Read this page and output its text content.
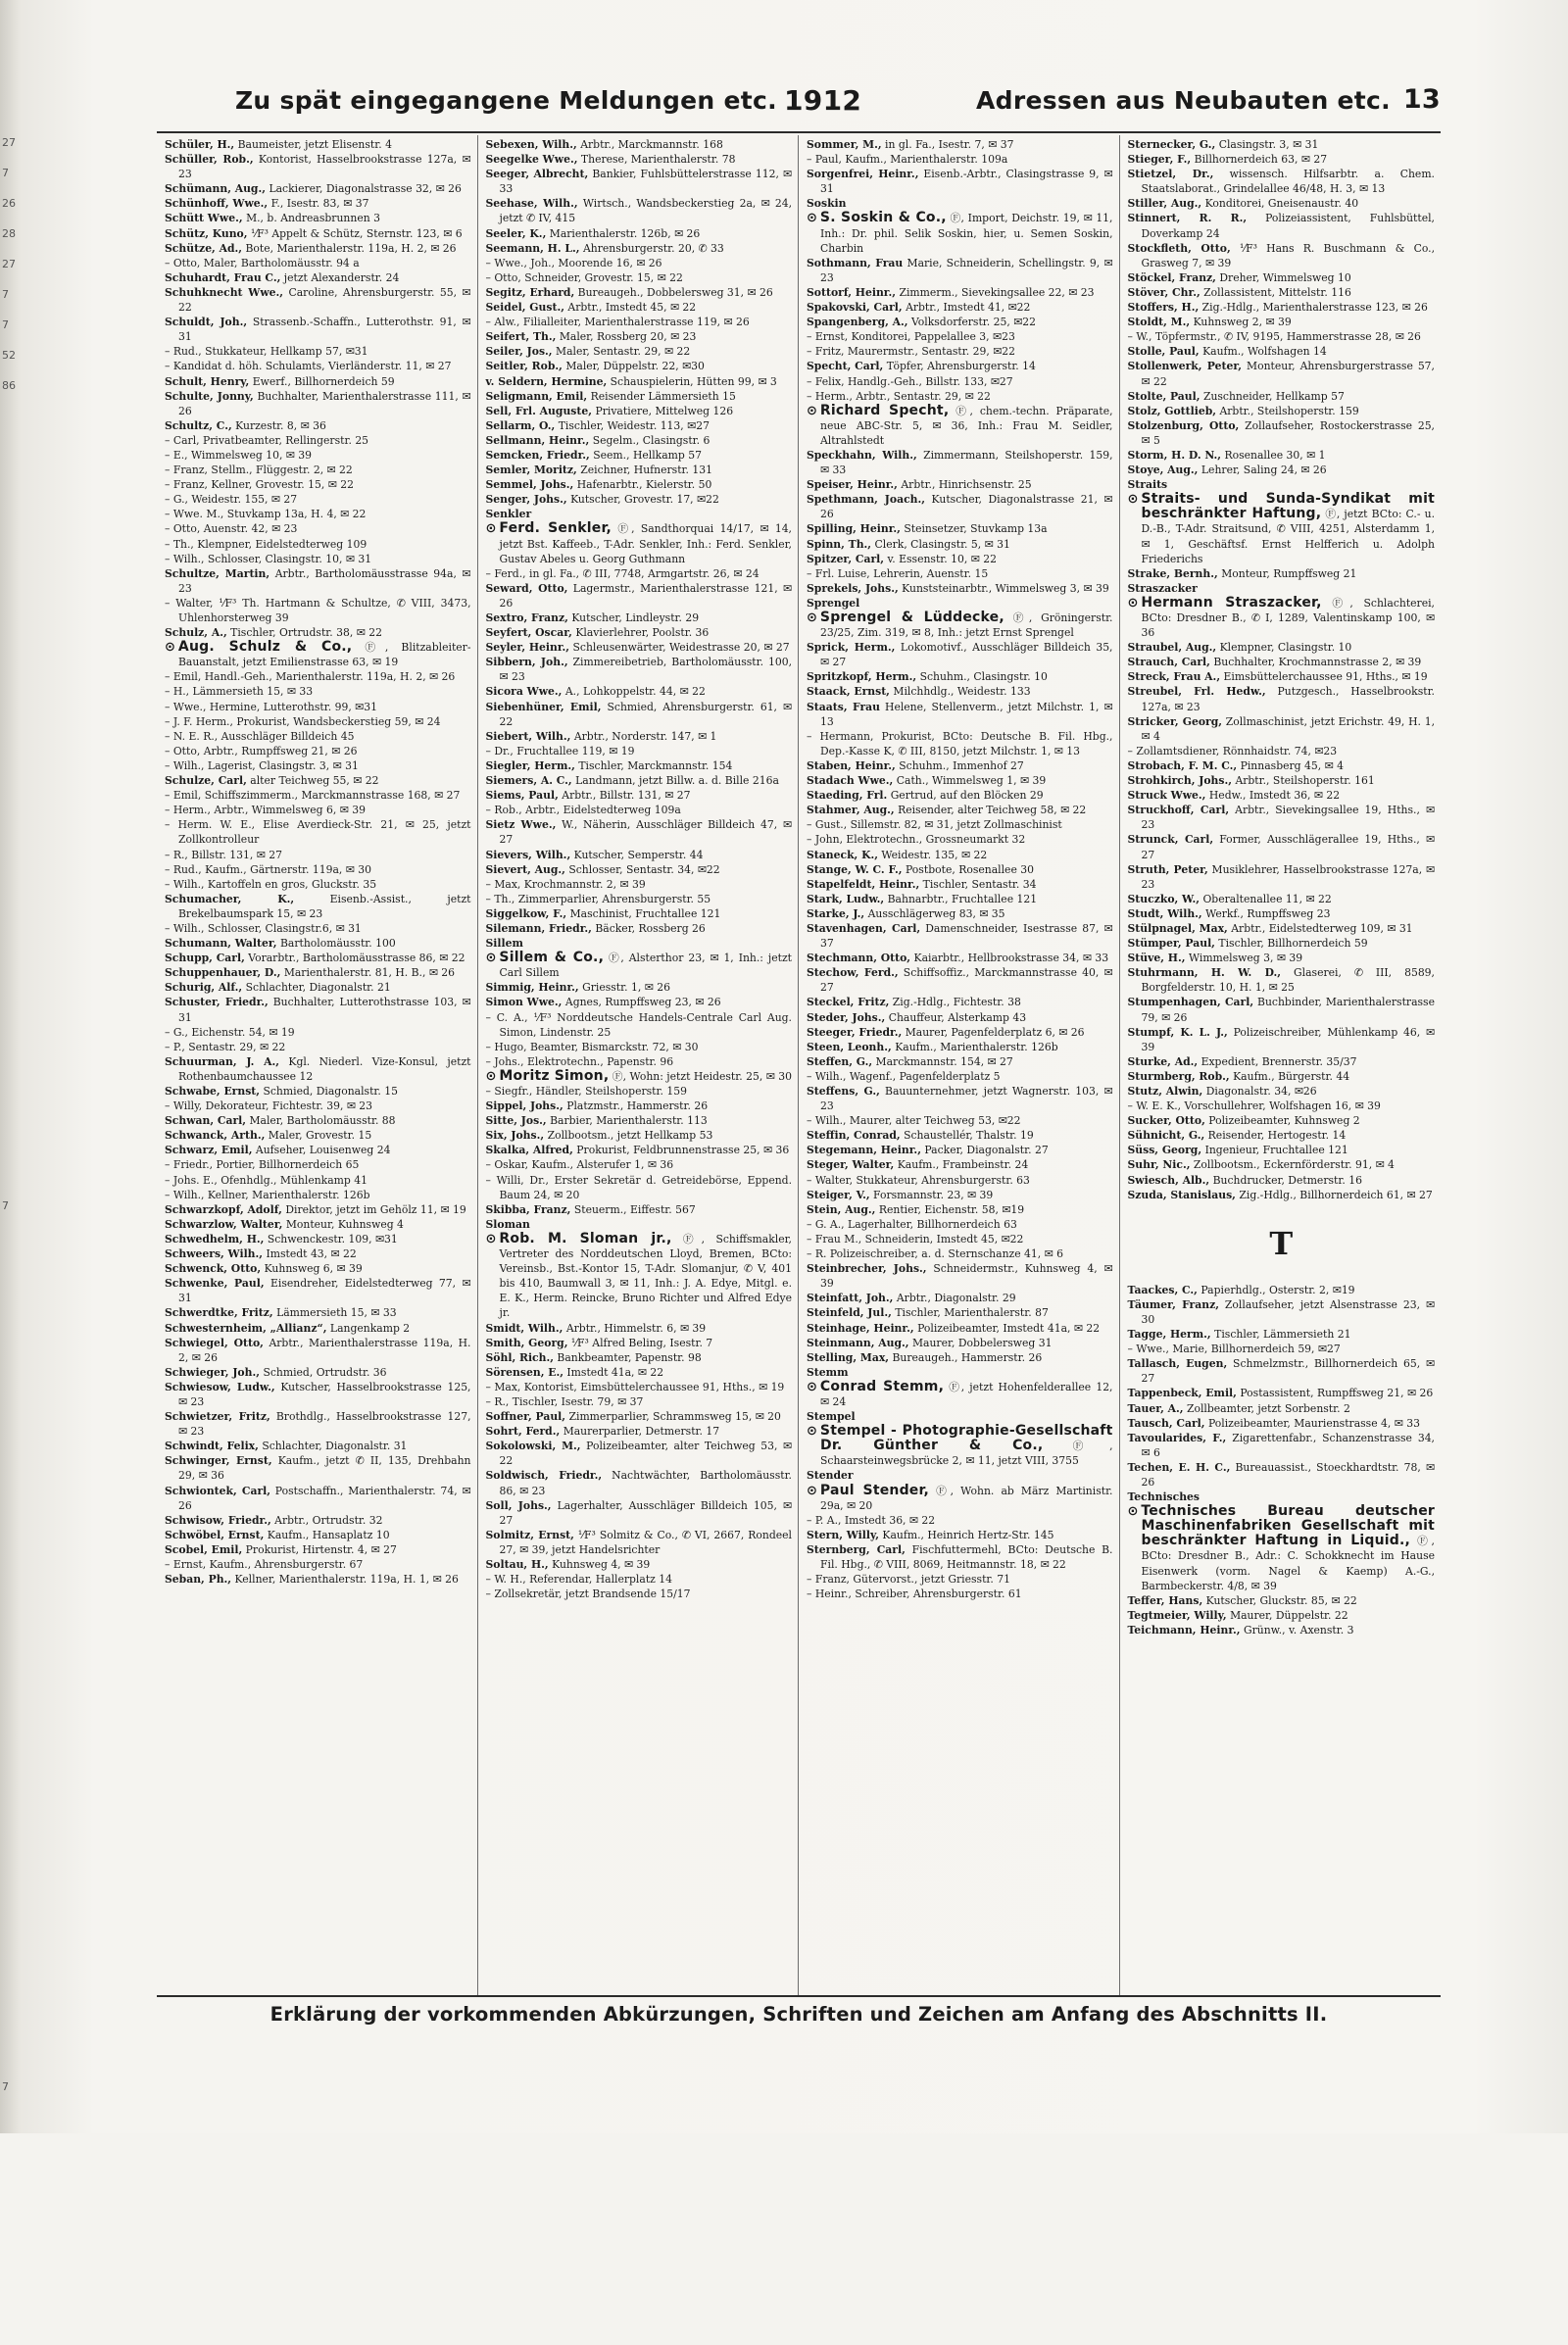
27
7
26
28
27
7
7
52
86
7
7
Zu spät eingegangene Meldungen etc. 1912	Adressen aus Neubauten etc. 13

Schüler, H., Baumeister, jetzt Elisenstr. 4

Schüller, Rob., Kontorist, Hasselbrookstrasse 127a, ✉ 23

Schümann, Aug., Lackierer, Diagonalstrasse 32, ✉ 26

Schünhoff, Wwe., F., Isestr. 83, ✉ 37

Schütt Wwe., M., b. Andreasbrunnen 3

Schütz, Kuno, ⅟F³ Appelt & Schütz, Sternstr. 123, ✉ 6

Schütze, Ad., Bote, Marienthalerstr. 119a, H. 2, ✉ 26

– Otto, Maler, Bartholomäusstr. 94 a

Schuhardt, Frau C., jetzt Alexanderstr. 24

Schuhknecht Wwe., Caroline, Ahrensburgerstr. 55, ✉ 22

Schuldt, Joh., Strassenb.-Schaffn., Lutterothstr. 91, ✉ 31

– Rud., Stukkateur, Hellkamp 57, ✉31

– Kandidat d. höh. Schulamts, Vierländerstr. 11, ✉ 27

Schult, Henry, Ewerf., Billhornerdeich 59

Schulte, Jonny, Buchhalter, Marienthalerstrasse 111, ✉ 26

Schultz, C., Kurzestr. 8, ✉ 36

– Carl, Privatbeamter, Rellingerstr. 25

– E., Wimmelsweg 10, ✉ 39

– Franz, Stellm., Flüggestr. 2, ✉ 22

– Franz, Kellner, Grovestr. 15, ✉ 22

– G., Weidestr. 155, ✉ 27

– Wwe. M., Stuvkamp 13a, H. 4, ✉ 22

– Otto, Auenstr. 42, ✉ 23

– Th., Klempner, Eidelstedterweg 109

– Wilh., Schlosser, Clasingstr. 10, ✉ 31

Schultze, Martin, Arbtr., Bartholomäusstrasse 94a, ✉ 23

– Walter, ⅟F³ Th. Hartmann & Schultze, ✆ VIII, 3473, Uhlenhorsterweg 39

Schulz, A., Tischler, Ortrudstr. 38, ✉ 22

⊙ Aug. Schulz & Co., Ⓕ, Blitzableiter-Bauanstalt, jetzt Emilienstrasse 63, ✉ 19

– Emil, Handl.-Geh., Marienthalerstr. 119a, H. 2, ✉ 26

– H., Lämmersieth 15, ✉ 33

– Wwe., Hermine, Lutterothstr. 99, ✉31

– J. F. Herm., Prokurist, Wandsbeckerstieg 59, ✉ 24

– N. E. R., Ausschläger Billdeich 45

– Otto, Arbtr., Rumpffsweg 21, ✉ 26

– Wilh., Lagerist, Clasingstr. 3, ✉ 31

Schulze, Carl, alter Teichweg 55, ✉ 22

– Emil, Schiffszimmerm., Marckmannstrasse 168, ✉ 27

– Herm., Arbtr., Wimmelsweg 6, ✉ 39

– Herm. W. E., Elise Averdieck-Str. 21, ✉ 25, jetzt Zollkontrolleur

– R., Billstr. 131, ✉ 27

– Rud., Kaufm., Gärtnerstr. 119a, ✉ 30

– Wilh., Kartoffeln en gros, Gluckstr. 35

Schumacher, K.,	Eisenb.-Assist., jetzt Brekelbaumspark 15, ✉ 23

– Wilh., Schlosser, Clasingstr.6, ✉ 31

Schumann, Walter, Bartholomäusstr. 100

Schupp, Carl, Vorarbtr., Bartholomäusstrasse 86, ✉ 22

Schuppenhauer, D., Marienthalerstr. 81, H. B., ✉ 26

Schurig, Alf., Schlachter, Diagonalstr. 21

Schuster, Friedr., Buchhalter, Lutterothstrasse 103, ✉ 31

– G., Eichenstr. 54, ✉ 19

– P., Sentastr. 29, ✉ 22

Schuurman, J. A., Kgl. Niederl. Vize-Konsul, jetzt Rothenbaumchaussee 12

Schwabe, Ernst, Schmied, Diagonalstr. 15

– Willy, Dekorateur, Fichtestr. 39, ✉ 23

Schwan, Carl, Maler, Bartholomäusstr. 88

Schwanck, Arth., Maler, Grovestr. 15

Schwarz, Emil, Aufseher, Louisenweg 24

– Friedr., Portier, Billhornerdeich 65

– Johs. E., Ofenhdlg., Mühlenkamp 41

– Wilh., Kellner, Marienthalerstr. 126b

Schwarzkopf, Adolf, Direktor, jetzt im Gehölz 11, ✉ 19

Schwarzlow, Walter, Monteur, Kuhnsweg 4

Schwedhelm, H., Schwenckestr. 109, ✉31

Schweers, Wilh., Imstedt 43, ✉ 22

Schwenck, Otto, Kuhnsweg 6, ✉ 39

Schwenke, Paul, Eisendreher, Eidelstedterweg 77, ✉ 31

Schwerdtke, Fritz, Lämmersieth 15, ✉ 33

Schwesternheim, „Allianz“, Langenkamp 2

Schwiegel, Otto, Arbtr., Marienthalerstrasse 119a, H. 2, ✉ 26

Schwieger, Joh., Schmied, Ortrudstr. 36

Schwiesow, Ludw., Kutscher, Hasselbrookstrasse 125, ✉ 23

Schwietzer, Fritz, Brothdlg., Hasselbrookstrasse 127, ✉ 23

Schwindt, Felix, Schlachter, Diagonalstr. 31

Schwinger, Ernst, Kaufm., jetzt ✆ II, 135, Drehbahn 29, ✉ 36

Schwiontek, Carl, Postschaffn., Marienthalerstr. 74, ✉ 26

Schwisow, Friedr., Arbtr., Ortrudstr. 32

Schwöbel, Ernst, Kaufm., Hansaplatz 10

Scobel, Emil, Prokurist, Hirtenstr. 4, ✉ 27

– Ernst, Kaufm., Ahrensburgerstr. 67

Seban, Ph., Kellner, Marienthalerstr. 119a, H. 1, ✉ 26

Sebexen, Wilh., Arbtr., Marckmannstr. 168

Seegelke Wwe., Therese, Marienthalerstr. 78

Seeger, Albrecht, Bankier, Fuhlsbüttelerstrasse 112, ✉ 33

Seehase, Wilh., Wirtsch., Wandsbeckerstieg 2a, ✉ 24, jetzt ✆ IV, 415

Seeler, K., Marienthalerstr. 126b, ✉ 26

Seemann, H. L., Ahrensburgerstr. 20, ✆ 33

– Wwe., Joh., Moorende 16, ✉ 26

– Otto, Schneider, Grovestr. 15, ✉ 22

Segitz, Erhard, Bureaugeh., Dobbelersweg 31, ✉ 26

Seidel, Gust., Arbtr., Imstedt 45, ✉ 22

– Alw., Filialleiter, Marienthalerstrasse 119, ✉ 26

Seifert, Th., Maler, Rossberg 20, ✉ 23

Seiler, Jos., Maler, Sentastr. 29, ✉ 22

Seitler, Rob., Maler, Düppelstr. 22, ✉30

v. Seldern, Hermine, Schauspielerin, Hütten 99, ✉ 3

Seligmann, Emil, Reisender Lämmersieth 15

Sell, Frl. Auguste, Privatiere, Mittelweg 126

Sellarm, O., Tischler, Weidestr. 113, ✉27

Sellmann, Heinr., Segelm., Clasingstr. 6

Semcken, Friedr., Seem., Hellkamp 57

Semler, Moritz, Zeichner, Hufnerstr. 131

Semmel, Johs., Hafenarbtr., Kielerstr. 50

Senger, Johs., Kutscher, Grovestr. 17, ✉22

Senkler

⊙ Ferd. Senkler, Ⓕ, Sandthorquai 14/17, ✉ 14, jetzt Bst. Kaffeeb., T-Adr. Senkler, Inh.: Ferd. Senkler, Gustav Abeles u. Georg Guthmann

– Ferd., in gl. Fa., ✆ III, 7748, Armgartstr. 26, ✉ 24

Seward, Otto, Lagermstr., Marienthalerstrasse 121, ✉ 26

Sextro, Franz, Kutscher, Lindleystr. 29

Seyfert, Oscar, Klavierlehrer, Poolstr. 36

Seyler, Heinr., Schleusenwärter, Weidestrasse 20, ✉ 27

Sibbern, Joh., Zimmereibetrieb, Bartholomäusstr. 100, ✉ 23

Sicora Wwe., A., Lohkoppelstr. 44, ✉ 22

Siebenhüner, Emil, Schmied, Ahrensburgerstr. 61, ✉ 22

Siebert, Wilh., Arbtr., Norderstr. 147, ✉ 1

– Dr., Fruchtallee 119, ✉ 19

Siegler, Herm., Tischler, Marckmannstr. 154

Siemers, A. C., Landmann, jetzt Billw. a. d. Bille 216a

Siems, Paul, Arbtr., Billstr. 131, ✉ 27

– Rob., Arbtr., Eidelstedterweg 109a

Sietz Wwe., W., Näherin, Ausschläger Billdeich 47, ✉ 27

Sievers, Wilh., Kutscher, Semperstr. 44

Sievert, Aug., Schlosser, Sentastr. 34, ✉22

– Max, Krochmannstr. 2, ✉ 39

– Th., Zimmerparlier, Ahrensburgerstr. 55

Siggelkow, F., Maschinist, Fruchtallee 121

Silemann, Friedr., Bäcker, Rossberg 26

Sillem

⊙ Sillem & Co., Ⓕ, Alsterthor 23, ✉ 1, Inh.: jetzt Carl Sillem

Simmig, Heinr., Griesstr. 1, ✉ 26

Simon Wwe., Agnes, Rumpffsweg 23, ✉ 26

– C. A., ⅟F³ Norddeutsche Handels-Centrale Carl Aug. Simon, Lindenstr. 25

– Hugo, Beamter, Bismarckstr. 72, ✉ 30

– Johs., Elektrotechn., Papenstr. 96

⊙ Moritz Simon, Ⓕ, Wohn: jetzt Heidestr. 25, ✉ 30

– Siegfr., Händler, Steilshoperstr. 159

Sippel, Johs., Platzmstr., Hammerstr. 26

Sitte, Jos., Barbier, Marienthalerstr. 113

Six, Johs., Zollbootsm., jetzt Hellkamp 53

Skalka, Alfred, Prokurist, Feldbrunnenstrasse 25, ✉ 36

– Oskar, Kaufm., Alsterufer 1, ✉ 36

– Willi, Dr., Erster Sekretär d. Getreidebörse, Eppend. Baum 24, ✉ 20

Skibba, Franz, Steuerm., Eiffestr. 567

Sloman

⊙ Rob. M. Sloman jr., Ⓕ, Schiffsmakler, Vertreter des Norddeutschen Lloyd, Bremen, BCto: Vereinsb., Bst.-Kontor 15, T-Adr. Slomanjur, ✆ V, 401 bis 410, Baumwall 3, ✉ 11, Inh.: J. A. Edye, Mitgl. e. E. K., Herm. Reincke, Bruno Richter und Alfred Edye jr.

Smidt, Wilh., Arbtr., Himmelstr. 6, ✉ 39

Smith, Georg, ⅟F³ Alfred Beling, Isestr. 7

Söhl, Rich., Bankbeamter, Papenstr. 98

Sörensen, E., Imstedt 41a, ✉ 22

– Max, Kontorist, Eimsbüttelerchaussee 91, Hths., ✉ 19

– R., Tischler, Isestr. 79, ✉ 37

Soffner, Paul, Zimmerparlier, Schrammsweg 15, ✉ 20

Sohrt, Ferd., Maurerparlier, Detmerstr. 17

Sokolowski, M., Polizeibeamter, alter Teichweg 53, ✉ 22

Soldwisch, Friedr., Nachtwächter, Bartholomäusstr. 86, ✉ 23

Soll, Johs., Lagerhalter, Ausschläger Billdeich 105, ✉ 27

Solmitz, Ernst, ⅟F³ Solmitz & Co., ✆ VI, 2667, Rondeel 27, ✉ 39, jetzt Handelsrichter

Soltau, H., Kuhnsweg 4, ✉ 39

– W. H., Referendar, Hallerplatz 14

– Zollsekretär, jetzt Brandsende 15/17

Sommer, M., in gl. Fa., Isestr. 7, ✉ 37

– Paul, Kaufm., Marienthalerstr. 109a

Sorgenfrei, Heinr., Eisenb.-Arbtr., Clasingstrasse 9, ✉ 31

Soskin

⊙ S. Soskin & Co., Ⓕ, Import, Deichstr. 19, ✉ 11, Inh.: Dr. phil. Selik Soskin, hier, u. Semen Soskin, Charbin

Sothmann, Frau Marie, Schneiderin, Schellingstr. 9, ✉ 23

Sottorf, Heinr., Zimmerm., Sievekingsallee 22, ✉ 23

Spakovski, Carl, Arbtr., Imstedt 41, ✉22

Spangenberg, A., Volksdorferstr. 25, ✉22

– Ernst, Konditorei, Pappelallee 3, ✉23

– Fritz, Maurermstr., Sentastr. 29, ✉22

Specht, Carl, Töpfer, Ahrensburgerstr. 14

– Felix, Handlg.-Geh., Billstr. 133, ✉27

– Herm., Arbtr., Sentastr. 29, ✉ 22

⊙ Richard Specht, Ⓕ, chem.-techn. Präparate, neue ABC-Str. 5, ✉ 36, Inh.: Frau M. Seidler, Altrahlstedt

Speckhahn, Wilh., Zimmermann, Steilshoperstr. 159, ✉ 33

Speiser, Heinr., Arbtr., Hinrichsenstr. 25

Spethmann, Joach., Kutscher, Diagonalstrasse 21, ✉ 26

Spilling, Heinr., Steinsetzer, Stuvkamp 13a

Spinn, Th., Clerk, Clasingstr. 5, ✉ 31

Spitzer, Carl, v. Essenstr. 10, ✉ 22

– Frl. Luise, Lehrerin, Auenstr. 15

Sprekels, Johs., Kunststeinarbtr., Wimmelsweg 3, ✉ 39

Sprengel

⊙ Sprengel & Lüddecke, Ⓕ, Gröningerstr. 23/25, Zim. 319, ✉ 8, Inh.: jetzt Ernst Sprengel

Sprick, Herm., Lokomotivf., Ausschläger Billdeich 35, ✉ 27

Spritzkopf, Herm., Schuhm., Clasingstr. 10

Staack, Ernst, Milchhdlg., Weidestr. 133

Staats, Frau Helene, Stellenverm., jetzt Milchstr. 1, ✉ 13

– Hermann, Prokurist, BCto: Deutsche B. Fil. Hbg., Dep.-Kasse K, ✆ III, 8150, jetzt Milchstr. 1, ✉ 13

Staben, Heinr., Schuhm., Immenhof 27

Stadach Wwe., Cath., Wimmelsweg 1, ✉ 39

Staeding, Frl. Gertrud, auf den Blöcken 29

Stahmer, Aug., Reisender, alter Teichweg 58, ✉ 22

– Gust., Sillemstr. 82, ✉ 31, jetzt Zollmaschinist

– John, Elektrotechn., Grossneumarkt 32

Staneck, K., Weidestr. 135, ✉ 22

Stange, W. C. F., Postbote, Rosenallee 30

Stapelfeldt, Heinr., Tischler, Sentastr. 34

Stark, Ludw., Bahnarbtr., Fruchtallee 121

Starke, J., Ausschlägerweg 83, ✉ 35

Stavenhagen, Carl, Damenschneider, Isestrasse 87, ✉ 37

Stechmann, Otto, Kaiarbtr., Hellbrookstrasse 34, ✉ 33

Stechow, Ferd., Schiffsoffiz., Marckmannstrasse 40, ✉ 27

Steckel, Fritz, Zig.-Hdlg., Fichtestr. 38

Steder, Johs., Chauffeur, Alsterkamp 43

Steeger, Friedr., Maurer, Pagenfelderplatz 6, ✉ 26

Steen, Leonh., Kaufm., Marienthalerstr. 126b

Steffen, G., Marckmannstr. 154, ✉ 27

– Wilh., Wagenf., Pagenfelderplatz 5

Steffens, G., Bauunternehmer, jetzt Wagnerstr. 103, ✉ 23

– Wilh., Maurer, alter Teichweg 53, ✉22

Steffin, Conrad, Schaustellér, Thalstr. 19

Stegemann, Heinr., Packer, Diagonalstr. 27

Steger, Walter, Kaufm., Frambeinstr. 24

– Walter, Stukkateur, Ahrensburgerstr. 63

Steiger, V., Forsmannstr. 23, ✉ 39

Stein, Aug., Rentier, Eichenstr. 58, ✉19

– G. A., Lagerhalter, Billhornerdeich 63

– Frau M., Schneiderin, Imstedt 45, ✉22

– R. Polizeischreiber, a. d. Sternschanze 41, ✉ 6

Steinbrecher, Johs., Schneidermstr., Kuhnsweg 4, ✉ 39

Steinfatt, Joh., Arbtr., Diagonalstr. 29

Steinfeld, Jul., Tischler, Marienthalerstr. 87

Steinhage, Heinr., Polizeibeamter, Imstedt 41a, ✉ 22

Steinmann, Aug., Maurer, Dobbelersweg 31

Stelling, Max, Bureaugeh., Hammerstr. 26

Stemm

⊙ Conrad Stemm, Ⓕ, jetzt Hohenfelderallee 12, ✉ 24

Stempel

⊙ Stempel - Photographie-Gesellschaft Dr. Günther & Co.,	Ⓕ, Schaarsteinwegsbrücke 2, ✉ 11, jetzt VIII, 3755

Stender

⊙ Paul Stender, Ⓕ, Wohn. ab März Martinistr. 29a, ✉ 20

– P. A., Imstedt 36, ✉ 22

Stern, Willy, Kaufm., Heinrich Hertz-Str. 145

Sternberg, Carl, Fischfuttermehl, BCto: Deutsche B. Fil. Hbg., ✆ VIII, 8069, Heitmannstr. 18, ✉ 22

– Franz, Gütervorst., jetzt Griesstr. 71

– Heinr., Schreiber, Ahrensburgerstr. 61

Sternecker, G., Clasingstr. 3, ✉ 31

Stieger, F., Billhornerdeich 63, ✉ 27

Stietzel, Dr., wissensch. Hilfsarbtr. a. Chem. Staatslaborat., Grindelallee 46/48, H. 3, ✉ 13

Stiller, Aug., Konditorei, Gneisenaustr. 40

Stinnert, R. R., Polizeiassistent, Fuhlsbüttel, Doverkamp 24

Stockfleth, Otto, ⅟F³ Hans R. Buschmann & Co., Grasweg 7, ✉ 39

Stöckel, Franz, Dreher, Wimmelsweg 10

Stöver, Chr., Zollassistent, Mittelstr. 116

Stoffers, H., Zig.-Hdlg., Marienthalerstrasse 123, ✉ 26

Stoldt, M., Kuhnsweg 2, ✉ 39

– W., Töpfermstr., ✆ IV, 9195, Hammerstrasse 28, ✉ 26

Stolle, Paul, Kaufm., Wolfshagen 14

Stollenwerk, Peter, Monteur, Ahrensburgerstrasse 57, ✉ 22

Stolte, Paul, Zuschneider, Hellkamp 57

Stolz, Gottlieb, Arbtr., Steilshoperstr. 159

Stolzenburg, Otto, Zollaufseher, Rostockerstrasse 25, ✉ 5

Storm, H. D. N., Rosenallee 30, ✉ 1

Stoye, Aug., Lehrer, Saling 24, ✉ 26

Straits

⊙ Straits- und Sunda-Syndikat mit beschränkter Haftung, Ⓕ, jetzt BCto: C.- u. D.-B., T-Adr. Straitsund, ✆ VIII, 4251, Alsterdamm 1, ✉ 1, Geschäftsf. Ernst Helfferich u. Adolph Friederichs

Strake, Bernh., Monteur, Rumpffsweg 21

Straszacker

⊙ Hermann Straszacker, Ⓕ, Schlachterei, BCto: Dresdner B., ✆ I, 1289, Valentinskamp 100, ✉ 36

Straubel, Aug., Klempner, Clasingstr. 10

Strauch, Carl, Buchhalter, Krochmannstrasse 2, ✉ 39

Streck, Frau A., Eimsbüttelerchaussee 91, Hths., ✉ 19

Streubel, Frl. Hedw., Putzgesch., Hasselbrookstr. 127a, ✉ 23

Stricker, Georg, Zollmaschinist, jetzt Erichstr. 49, H. 1, ✉ 4

– Zollamtsdiener, Rönnhaidstr. 74, ✉23

Strobach, F. M. C., Pinnasberg 45, ✉ 4

Strohkirch, Johs., Arbtr., Steilshoperstr. 161

Struck Wwe., Hedw., Imstedt 36, ✉ 22

Struckhoff, Carl, Arbtr., Sievekingsallee 19, Hths., ✉ 23

Strunck, Carl, Former, Ausschlägerallee 19, Hths., ✉ 27

Struth, Peter, Musiklehrer, Hasselbrookstrasse 127a, ✉ 23

Stuczko, W., Oberaltenallee 11, ✉ 22

Studt, Wilh., Werkf., Rumpffsweg 23

Stülpnagel, Max, Arbtr., Eidelstedterweg 109, ✉ 31

Stümper, Paul, Tischler, Billhornerdeich 59

Stüve, H., Wimmelsweg 3, ✉ 39

Stuhrmann, H. W. D., Glaserei, ✆ III, 8589, Borgfelderstr. 10, H. 1, ✉ 25

Stumpenhagen, Carl, Buchbinder, Marienthalerstrasse 79, ✉ 26

Stumpf, K. L. J., Polizeischreiber, Mühlenkamp 46, ✉ 39

Sturke, Ad., Expedient, Brennerstr. 35/37

Sturmberg, Rob., Kaufm., Bürgerstr. 44

Stutz, Alwin, Diagonalstr. 34, ✉26

– W. E. K., Vorschullehrer, Wolfshagen 16, ✉ 39

Sucker, Otto, Polizeibeamter, Kuhnsweg 2

Sühnicht, G., Reisender, Hertogestr. 14

Süss, Georg, Ingenieur, Fruchtallee 121

Suhr, Nic., Zollbootsm., Eckernförderstr. 91, ✉ 4

Swiesch, Alb., Buchdrucker, Detmerstr. 16

Szuda, Stanislaus, Zig.-Hdlg., Billhornerdeich 61, ✉ 27

T

Taackes, C., Papierhdlg., Osterstr. 2, ✉19

Täumer, Franz, Zollaufseher, jetzt Alsenstrasse 23, ✉ 30

Tagge, Herm., Tischler, Lämmersieth 21

– Wwe., Marie, Billhornerdeich 59, ✉27

Tallasch, Eugen, Schmelzmstr., Billhornerdeich 65, ✉ 27

Tappenbeck, Emil, Postassistent, Rumpffsweg 21, ✉ 26

Tauer, A., Zollbeamter, jetzt Sorbenstr. 2

Tausch, Carl, Polizeibeamter, Maurienstrasse 4, ✉ 33

Tavoularides, F., Zigarettenfabr., Schanzenstrasse 34, ✉ 6

Techen, E. H. C., Bureauassist., Stoeckhardtstr. 78, ✉ 26

Technisches

⊙ Technisches Bureau deutscher Maschinenfabriken Gesellschaft mit beschränkter Haftung in Liquid., Ⓕ, BCto: Dresdner B., Adr.: C. Schokknecht im Hause Eisenwerk (vorm. Nagel & Kaemp) A.-G., Barmbeckerstr. 4/8, ✉ 39

Teffer, Hans, Kutscher, Gluckstr. 85, ✉ 22

Tegtmeier, Willy, Maurer, Düppelstr. 22

Teichmann, Heinr., Grünw., v. Axenstr. 3

Erklärung der vorkommenden Abkürzungen, Schriften und Zeichen am Anfang des Abschnitts II.
